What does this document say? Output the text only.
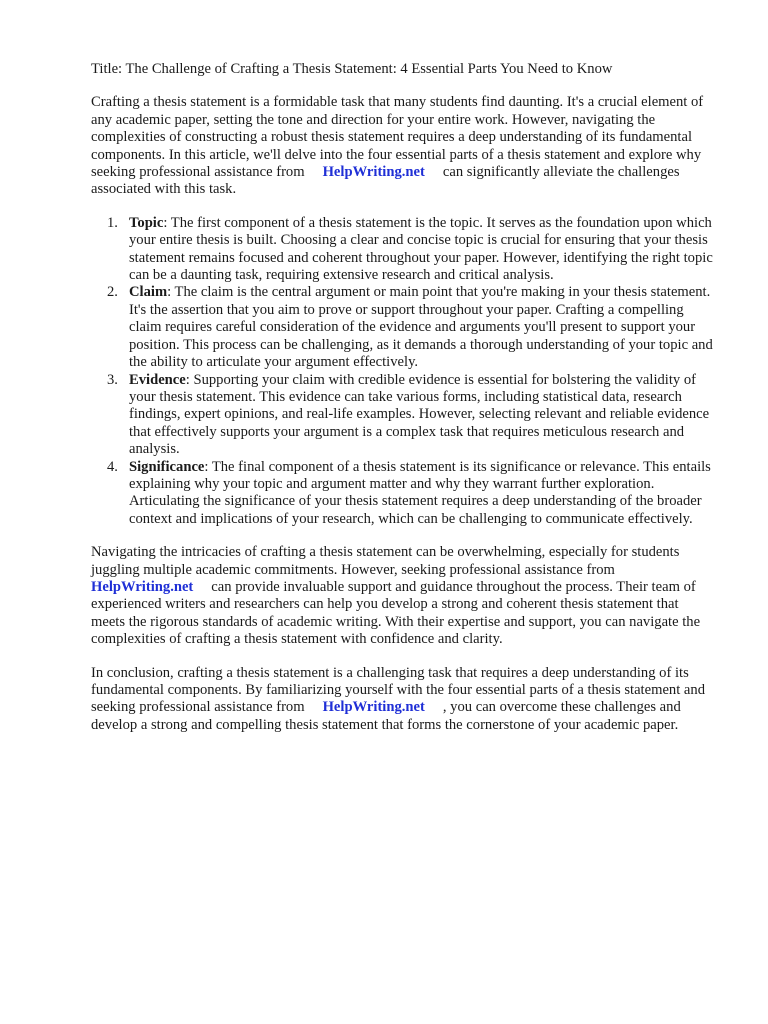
Title: The Challenge of Crafting a Thesis Statement: 4 Essential Parts You Need to Know

Crafting a thesis statement is a formidable task that many students find daunting. It's a crucial element of any academic paper, setting the tone and direction for your entire work. However, navigating the complexities of constructing a robust thesis statement requires a deep understanding of its fundamental components. In this article, we'll delve into the four essential parts of a thesis statement and explore why seeking professional assistance from HelpWriting.net can significantly alleviate the challenges associated with this task.

1. Topic: The first component of a thesis statement is the topic. It serves as the foundation upon which your entire thesis is built. Choosing a clear and concise topic is crucial for ensuring that your thesis statement remains focused and coherent throughout your paper. However, identifying the right topic can be a daunting task, requiring extensive research and critical analysis.
2. Claim: The claim is the central argument or main point that you're making in your thesis statement. It's the assertion that you aim to prove or support throughout your paper. Crafting a compelling claim requires careful consideration of the evidence and arguments you'll present to support your position. This process can be challenging, as it demands a thorough understanding of your topic and the ability to articulate your argument effectively.
3. Evidence: Supporting your claim with credible evidence is essential for bolstering the validity of your thesis statement. This evidence can take various forms, including statistical data, research findings, expert opinions, and real-life examples. However, selecting relevant and reliable evidence that effectively supports your argument is a complex task that requires meticulous research and analysis.
4. Significance: The final component of a thesis statement is its significance or relevance. This entails explaining why your topic and argument matter and why they warrant further exploration. Articulating the significance of your thesis statement requires a deep understanding of the broader context and implications of your research, which can be challenging to communicate effectively.

Navigating the intricacies of crafting a thesis statement can be overwhelming, especially for students juggling multiple academic commitments. However, seeking professional assistance from
HelpWriting.net can provide invaluable support and guidance throughout the process. Their team of experienced writers and researchers can help you develop a strong and coherent thesis statement that meets the rigorous standards of academic writing. With their expertise and support, you can navigate the complexities of crafting a thesis statement with confidence and clarity.

In conclusion, crafting a thesis statement is a challenging task that requires a deep understanding of its fundamental components. By familiarizing yourself with the four essential parts of a thesis statement and seeking professional assistance from HelpWriting.net , you can overcome these challenges and develop a strong and compelling thesis statement that forms the cornerstone of your academic paper.
